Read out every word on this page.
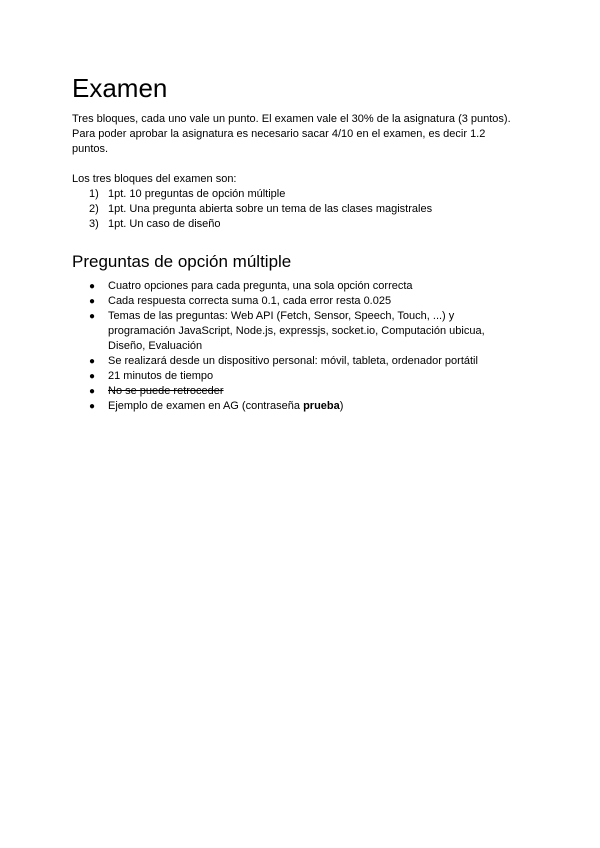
Examen

Tres bloques, cada uno vale un punto. El examen vale el 30% de la asignatura (3 puntos). Para poder aprobar la asignatura es necesario sacar 4/10 en el examen, es decir 1.2 puntos.

Los tres bloques del examen son:

1) 1pt. 10 preguntas de opción múltiple
2) 1pt. Una pregunta abierta sobre un tema de las clases magistrales
3) 1pt. Un caso de diseño
Preguntas de opción múltiple
● Cuatro opciones para cada pregunta, una sola opción correcta
● Cada respuesta correcta suma 0.1, cada error resta 0.025
● Temas de las preguntas: Web API (Fetch, Sensor, Speech, Touch, ...) y programación JavaScript, Node.js, expressjs, socket.io, Computación ubicua, Diseño, Evaluación
● Se realizará desde un dispositivo personal: móvil, tableta, ordenador portátil
● 21 minutos de tiempo
● No se puede retroceder
● Ejemplo de examen en AG (contraseña prueba)
